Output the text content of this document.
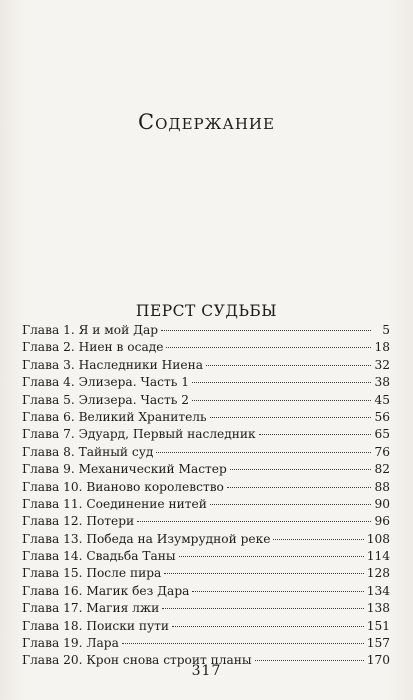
Содержание
ПЕРСТ СУДЬБЫ
Глава 1. Я и мой Дар	5
Глава 2. Ниен в осаде	18
Глава 3. Наследники Ниена	32
Глава 4. Элизера. Часть 1	38
Глава 5. Элизера. Часть 2	45
Глава 6. Великий Хранитель	56
Глава 7. Эдуард, Первый наследник	65
Глава 8. Тайный суд	76
Глава 9. Механический Мастер	82
Глава 10. Вианово королевство	88
Глава 11. Соединение нитей	90
Глава 12. Потери	96
Глава 13. Победа на Изумрудной реке	108
Глава 14. Свадьба Таны	114
Глава 15. После пира	128
Глава 16. Магик без Дара	134
Глава 17. Магия лжи	138
Глава 18. Поиски пути	151
Глава 19. Лара	157
Глава 20. Крон снова строит планы	170
317
